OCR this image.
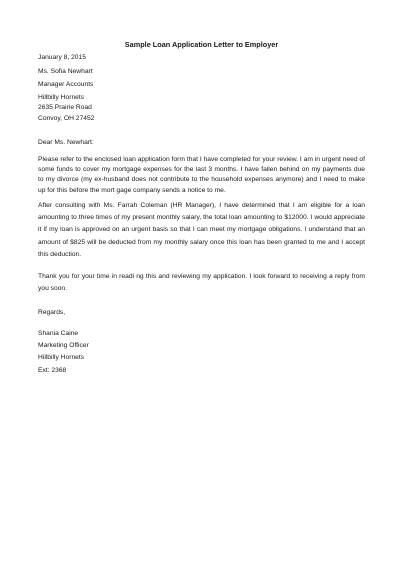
Sample Loan Application Letter to Employer
January 8, 2015
Ms. Sofia Newhart
Manager Accounts
Hillbilly Hornets
2635 Prairie Road
Convoy, OH 27452
Dear Ms. Newhart:
Please refer to the enclosed loan application form that I have completed for your review. I am in urgent need of some funds to cover my mortgage expenses for the last 3 months. I have fallen behind on my payments due to my divorce (my ex-husband does not contribute to the household expenses anymore) and I need to make up for this before the mort gage company sends a notice to me.
After consulting with Ms. Farrah Coleman (HR Manager), I have determined that I am eligible for a loan amounting to three times of my present monthly salary, the total loan amounting to $12000. I would appreciate it if my loan is approved on an urgent basis so that I can meet my mortgage obligations. I understand that an amount of $825 will be deducted from my monthly salary once this loan has been granted to me and I accept this deduction.
Thank you for your time in readi ng this and reviewing my application. I look forward to receiving a reply from you soon.
Regards,
Shania Caine
Marketing Officer
Hillbilly Hornets
Ext: 2368
